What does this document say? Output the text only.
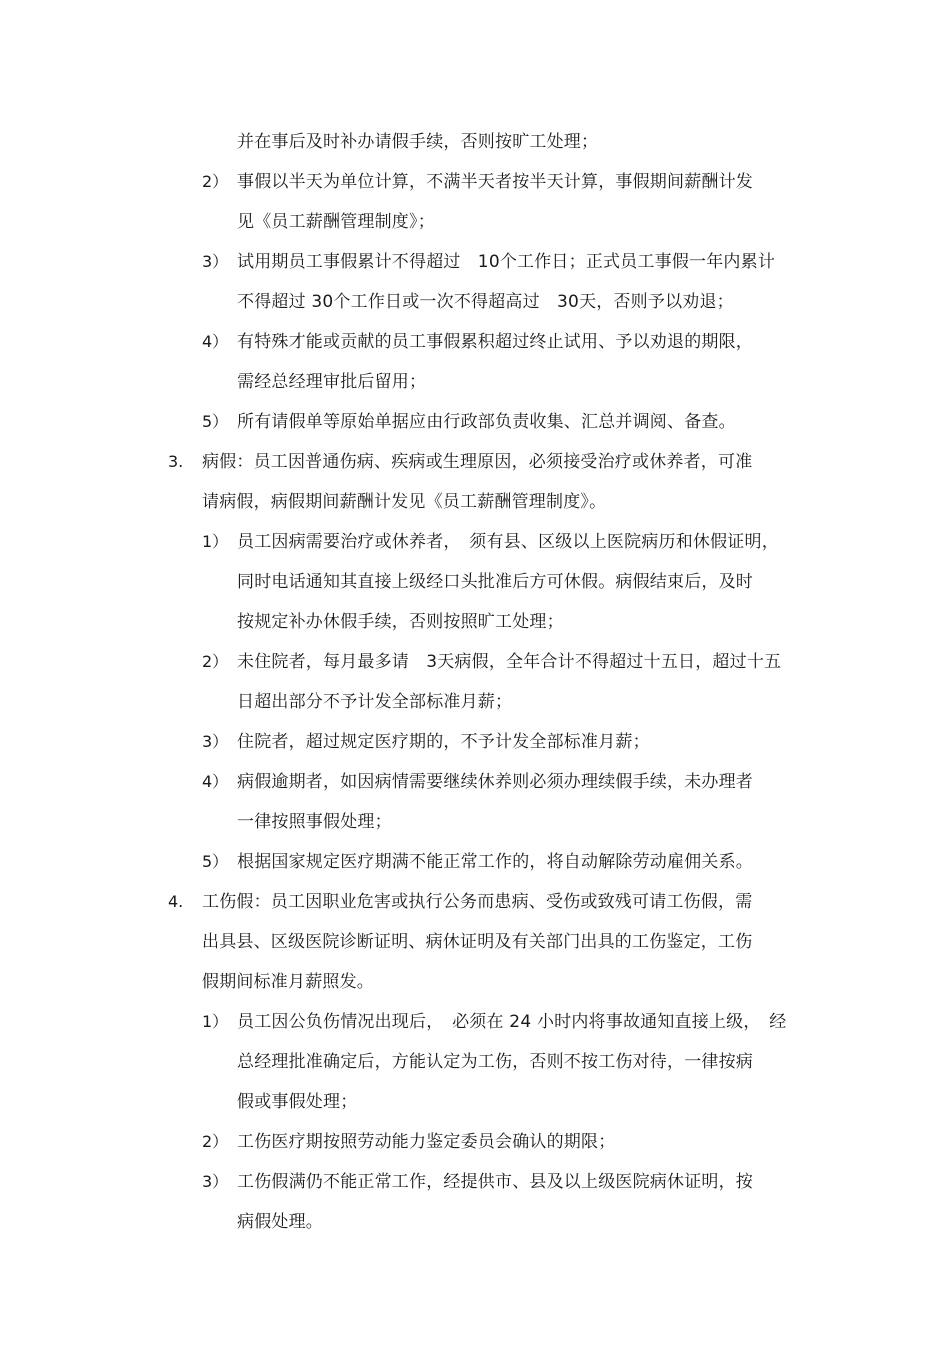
并在事后及时补办请假手续，否则按旷工处理；
2） 事假以半天为单位计算，不满半天者按半天计算，事假期间薪酬计发
见《员工薪酬管理制度》；
3） 试用期员工事假累计不得超过　10个工作日；正式员工事假一年内累计
不得超过 30个工作日或一次不得超高过　30天，否则予以劝退；
4） 有特殊才能或贡献的员工事假累积超过终止试用、予以劝退的期限，
需经总经理审批后留用；
5） 所有请假单等原始单据应由行政部负责收集、汇总并调阅、备查。
3. 病假：员工因普通伤病、疾病或生理原因，必须接受治疗或休养者，可准
请病假，病假期间薪酬计发见《员工薪酬管理制度》。
1） 员工因病需要治疗或休养者，　须有县、区级以上医院病历和休假证明，
同时电话通知其直接上级经口头批准后方可休假。病假结束后，及时
按规定补办休假手续，否则按照旷工处理；
2） 未住院者，每月最多请　3天病假，全年合计不得超过十五日，超过十五
日超出部分不予计发全部标准月薪；
3） 住院者，超过规定医疗期的，不予计发全部标准月薪；
4） 病假逾期者，如因病情需要继续休养则必须办理续假手续，未办理者
一律按照事假处理；
5） 根据国家规定医疗期满不能正常工作的，将自动解除劳动雇佣关系。
4. 工伤假：员工因职业危害或执行公务而患病、受伤或致残可请工伤假，需
出具县、区级医院诊断证明、病休证明及有关部门出具的工伤鉴定，工伤
假期间标准月薪照发。
1） 员工因公负伤情况出现后，　必须在 24 小时内将事故通知直接上级，　经
总经理批准确定后，方能认定为工伤，否则不按工伤对待，一律按病
假或事假处理；
2） 工伤医疗期按照劳动能力鉴定委员会确认的期限；
3） 工伤假满仍不能正常工作，经提供市、县及以上级医院病休证明，按
病假处理。
